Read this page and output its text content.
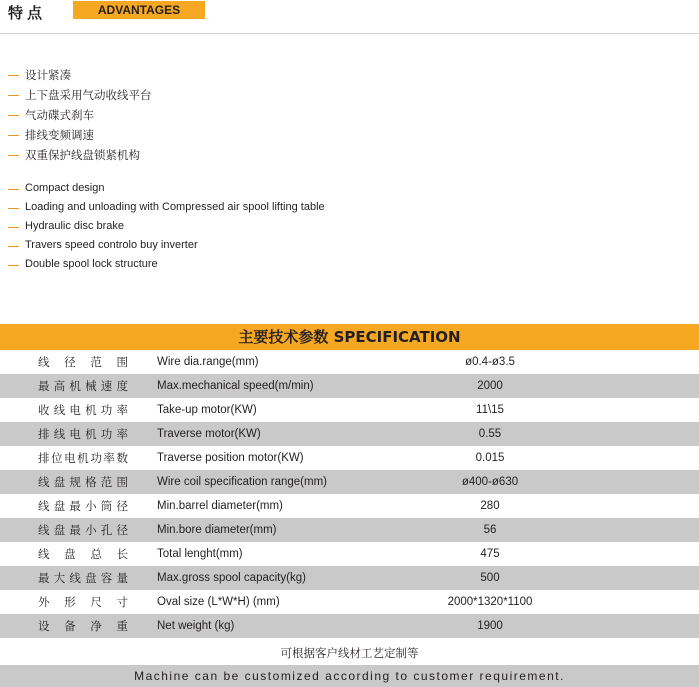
特点	ADVANTAGES
设计紧凑
上下盘采用气动收线平台
气动碟式刹车
排线变频调速
双重保护线盘锁紧机构
Compact design
Loading and unloading with Compressed air spool lifting table
Hydraulic disc brake
Travers speed controlo buy inverter
Double spool lock structure
主要技术参数 SPECIFICATION
线径范围	Wire dia.range(mm)	ø0.4-ø3.5
最高机械速度	Max.mechanical speed(m/min)	2000
收线电机功率	Take-up motor(KW)	11\15
排线电机功率	Traverse motor(KW)	0.55
排位电机功率数	Traverse position motor(KW)	0.015
线盘规格范围	Wire coil specification range(mm)	ø400-ø630
线盘最小筒径	Min.barrel diameter(mm)	280
线盘最小孔径	Min.bore diameter(mm)	56
线盘总长	Total lenght(mm)	475
最大线盘容量	Max.gross spool capacity(kg)	500
外形尺寸	Oval size (L*W*H) (mm)	2000*1320*1100
设备净重	Net weight (kg)	1900
可根据客户线材工艺定制等
Machine can be customized according to customer requirement.
